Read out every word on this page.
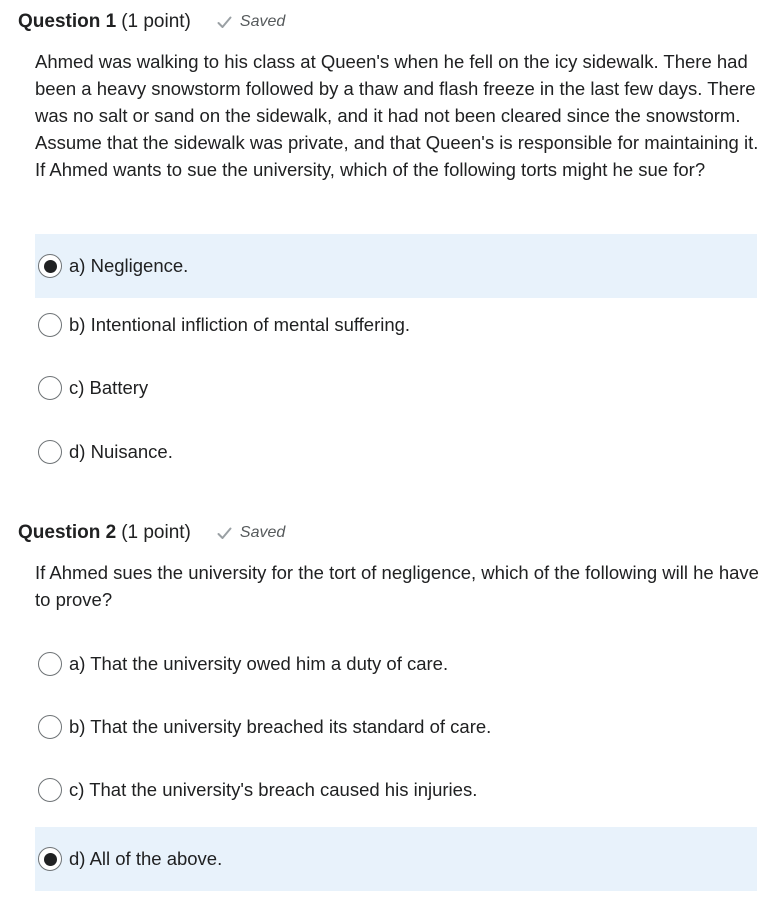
Question 1 (1 point)	Saved

Ahmed was walking to his class at Queen's when he fell on the icy sidewalk. There had been a heavy snowstorm followed by a thaw and flash freeze in the last few days. There was no salt or sand on the sidewalk, and it had not been cleared since the snowstorm. Assume that the sidewalk was private, and that Queen's is responsible for maintaining it. If Ahmed wants to sue the university, which of the following torts might he sue for?

a) Negligence.
b) Intentional infliction of mental suffering.
c) Battery
d) Nuisance.
Question 2 (1 point)	Saved

If Ahmed sues the university for the tort of negligence, which of the following will he have to prove?

a) That the university owed him a duty of care.
b) That the university breached its standard of care.
c) That the university's breach caused his injuries.
d) All of the above.
